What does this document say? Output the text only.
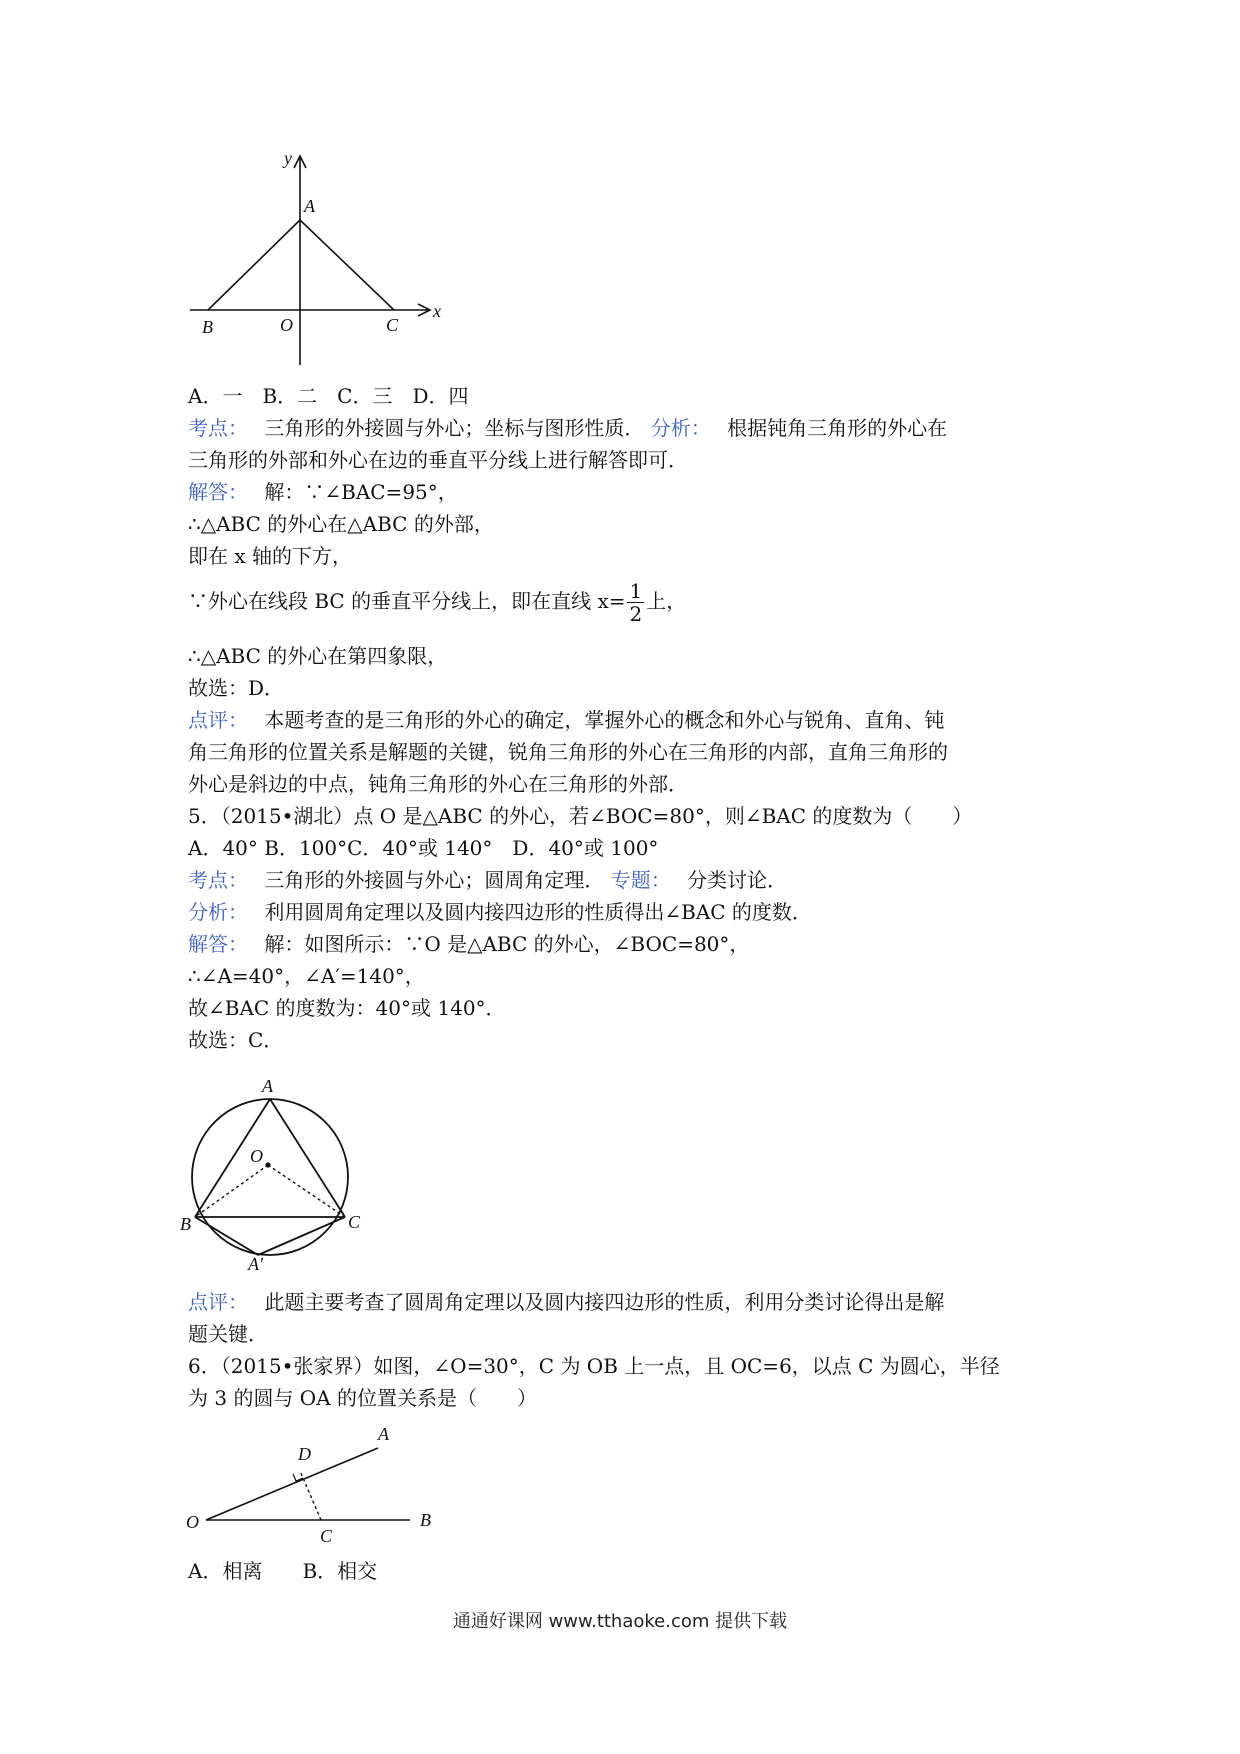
y
A
x
B	O	C
A．一　B．二　C．三　D．四
考点：　 三角形的外接圆与外心；坐标与图形性质． 分析：　 根据钝角三角形的外心在
三角形的外部和外心在边的垂直平分线上进行解答即可．
解答：　 解：∵∠BAC=95°，
∴△ABC 的外心在△ABC 的外部，
即在 x 轴的下方，
∵外心在线段 BC 的垂直平分线上，即在直线 $x= \frac{1}{2}$ 上，
∴△ABC 的外心在第四象限，
故选：D．
点评：　 本题考查的是三角形的外心的确定，掌握外心的概念和外心与锐角、直角、钝
角三角形的位置关系是解题的关键，锐角三角形的外心在三角形的内部，直角三角形的
外心是斜边的中点，钝角三角形的外心在三角形的外部．
5．（2015•湖北）点 O 是△ABC 的外心，若∠BOC=80°，则∠BAC 的度数为（　　）
A．40° B．100°C．40°或 140°　D．40°或 100°
考点：　 三角形的外接圆与外心；圆周角定理． 专题：　 分类讨论．
分析：　 利用圆周角定理以及圆内接四边形的性质得出∠BAC 的度数．
解答：　 解：如图所示：∵O 是△ABC 的外心，∠BOC=80°，
∴∠A=40°，∠A′=140°，
故∠BAC 的度数为：40°或 140°．
故选：C．
A
O
B	C
A′
点评：　 此题主要考查了圆周角定理以及圆内接四边形的性质，利用分类讨论得出是解
题关键．
6．（2015•张家界）如图，∠O=30°，C 为 OB 上一点，且 OC=6，以点 C 为圆心，半径
为 3 的圆与 OA 的位置关系是（　　）
A
D
O
C
B
A．相离　　B．相交
通通好课网 www.tthaoke.com 提供下载
